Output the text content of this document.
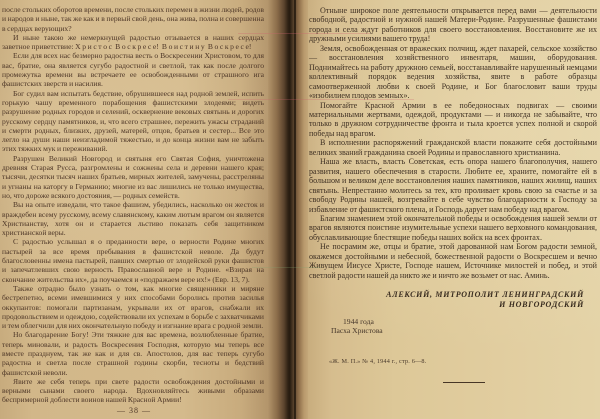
после стольких оборотов времени, после стольких перемен в жизни людей, родов и народов и ныне, так же как и в первый свой день, она жива, полна и совершенна в сердцах верующих?

И ныне такою же немеркнущей радостью отзывается в наших сердцах заветное приветствие: Х р и с т о с  В о с к р е с е!  В о и с т и н у  В о с к р е с е!

Если для всех нас безмерно радостна весть о Воскресении Христовом, то для вас, братие, она является сугубо радостной и светлой, так как после долгого промежутка времени вы встречаете ее освобожденными от страшного ига фашистских зверств и насилия.

Бог судил вам испытать бедствие, обрушившееся над родной землей, испить горькую чашу временного порабощения фашистскими злодеями; видеть разрушение родных городов и селений, осквернение вековых святынь и дорогих русскому сердцу памятников, и, что всего страшнее, пережить ужасы страданий и смерти родных, близких, друзей, матерей, отцов, братьев и сестер... Все это легло на души наши неизгладимой тяжестью, и до конца жизни вам не забыть этих тяжких мук и переживаний.

Разрушен Великий Новгород и святыня его Святая София, уничтожена древняя Старая Русса, разгромлены и сожжены села и деревни нашего края; тысячи, десятки тысяч наших братьев, мирных жителей, замучены, расстреляны и угнаны на каторгу в Германию; многие из вас лишились не только имущества, но, что дороже всякого достояния, — родных семейств.

Вы на опыте изведали, что такое фашизм, убедились, насколько он жесток и враждебен всему русскому, всему славянскому, каким лютым врагом он является Христианству, хотя он и старается льстиво показать себя защитником христианской веры.

С радостью услышал я о преданности вере, о верности Родине многих пастырей за все время пребывания в фашистской неволе. Да будут благословенны имена пастырей, павших смертью от злодейской руки фашистов и запечатлевших свою верность Православной вере и Родине. «Взирая на скончание жительства их», да поучаемся и «подражаем вере их!» (Евр. 13, 7).

Также отрадно было узнать о том, как многие священники и миряне бестрепетно, всеми имевшимися у них способами боролись против засилья оккупантов: помогали партизанам, укрывали их от врагов, снабжали их продовольствием и одеждою, содействовали их успехам в борьбе с захватчиками и тем облегчили для них окончательную победу и изгнание врага с родной земли.

Но благодарение Богу! Эти тяжкие для вас времена, возлюбленные братие, теперь миновали, и радость Воскресения Господня, которую мы теперь все вместе празднуем, так же как и для св. Апостолов, для вас теперь сугубо радостна и светла после страшной годины скорби, тесноты и бедствий фашистской неволи.

Явите же себя теперь при свете радости освобождения достойными и верными сынами своего народа. Вдохновляйтесь живыми образами беспримерной доблести воинов нашей Красной Армии!

— 38 —

Отныне широкое поле деятельности открывается перед вами — деятельности свободной, радостной и нужной нашей Матери-Родине. Разрушенные фашистами города и села ждут работников для своего восстановления. Восстановите же их дружными усилиями вашего труда!

Земля, освобожденная от вражеских полчищ, ждет пахарей, сельское хозяйство — восстановления хозяйственного инвентаря, машин, оборудования. Поднимайтесь на работу дружною семьей, восстанавливайте нарушенный немцами коллективный порядок ведения хозяйства, явите в работе образцы самоотверженной любви к своей Родине, и Бог благословит ваши труды «изобилием плодов земных».

Помогайте Красной Армии в ее победоносных подвигах — своими материальными жертвами, одеждой, продуктами — и никогда не забывайте, что только в дружном сотрудничестве фронта и тыла кроется успех полной и скорой победы над врагом.

В исполнении распоряжений гражданской власти покажите себя достойными великих званий гражданина своей Родины и православного христианина.

Наша же власть, власть Советская, есть опора нашего благополучия, нашего развития, нашего обеспечения в старости. Любите ее, храните, помогайте ей в большом и великом деле восстановления наших памятников, наших жилищ, наших святынь. Непрестанно молитесь за тех, кто проливает кровь свою за счастье и за свободу Родины нашей, возгревайте в себе чувство благодарности к Господу за избавление от фашистского плена, и Господь дарует нам победу над врагом.

Благим знамением этой окончательной победы и освобождения нашей земли от врагов являются поистине изумительные успехи нашего верховного командования, обуславливающие блестящие победы наших войск на всех фронтах.

Не посрамим же, отцы и братие, этой дарованной нам Богом радости земной, окажемся достойными и небесной, божественной радости о Воскресшем и вечно Живущем Иисусе Христе, Господе нашем, Источнике милостей и побед, и этой светлой радости нашей да никто же и ничто же возьмет от нас. Аминь.

АЛЕКСИЙ, МИТРОПОЛИТ ЛЕНИНГРАДСКИЙ
И НОВГОРОДСКИЙ
1944 года
Пасха Христова
«Ж. М. П.» № 4, 1944 г., стр. 6—8.
